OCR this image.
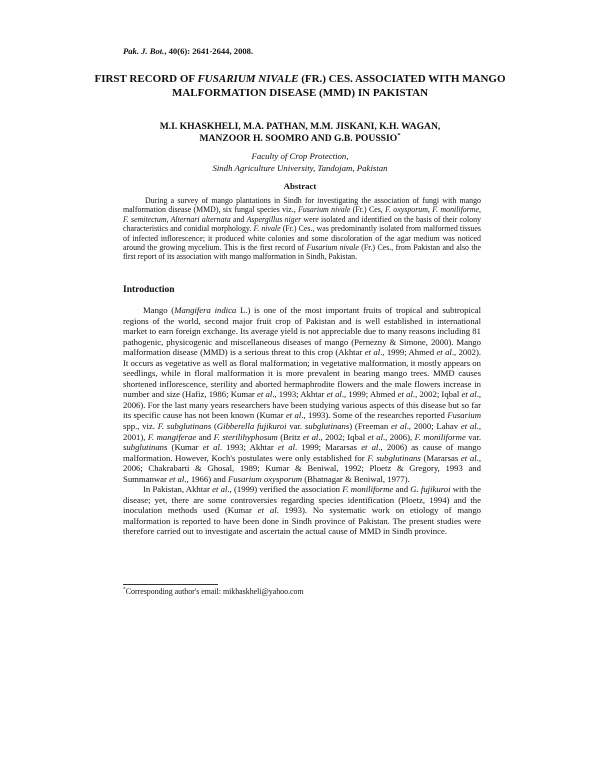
Pak. J. Bot., 40(6): 2641-2644, 2008.
FIRST RECORD OF FUSARIUM NIVALE (FR.) CES. ASSOCIATED WITH MANGO MALFORMATION DISEASE (MMD) IN PAKISTAN
M.I. KHASKHELI, M.A. PATHAN, M.M. JISKANI, K.H. WAGAN,
MANZOOR H. SOOMRO AND G.B. POUSSIO*
Faculty of Crop Protection,
Sindh Agriculture University, Tandojam, Pakistan
Abstract

During a survey of mango plantations in Sindh for investigating the association of fungi with mango malformation disease (MMD), six fungal species viz., Fusarium nivale (Fr.) Ces, F. oxysporum, F. moniliforme, F. semitectum, Alternari alternata and Aspergillus niger were isolated and identified on the basis of their colony characteristics and conidial morphology. F. nivale (Fr.) Ces., was predominantly isolated from malformed tissues of infected inflorescence; it produced white colonies and some discoloration of the agar medium was noticed around the growing mycelium. This is the first record of Fusarium nivale (Fr.) Ces., from Pakistan and also the first report of its association with mango malformation in Sindh, Pakistan.

Introduction

Mango (Mangifera indica L.) is one of the most important fruits of tropical and subtropical regions of the world, second major fruit crop of Pakistan and is well established in international market to earn foreign exchange. Its average yield is not appreciable due to many reasons including 81 pathogenic, physicogenic and miscellaneous diseases of mango (Pernezny & Simone, 2000). Mango malformation disease (MMD) is a serious threat to this crop (Akhtar et al., 1999; Ahmed et al., 2002). It occurs as vegetative as well as floral malformation; in vegetative malformation, it mostly appears on seedlings, while in floral malformation it is more prevalent in bearing mango trees. MMD causes shortened inflorescence, sterility and aborted hermaphrodite flowers and the male flowers increase in number and size (Hafiz, 1986; Kumar et al., 1993; Akhtar et al., 1999; Ahmed et al., 2002; Iqbal et al., 2006). For the last many years researchers have been studying various aspects of this disease but so far its specific cause has not been known (Kumar et al., 1993). Some of the researches reported Fusarium spp., viz. F. subglutinans (Gibberella fujikuroi var. subglutinans) (Freeman et al., 2000; Lahav et al., 2001), F. mangiferae and F. sterilihyphosum (Britz et al., 2002; Iqbal et al., 2006), F. moniliforme var. subglutinans (Kumar et al. 1993; Akhtar et al. 1999; Mararsas et al., 2006) as cause of mango malformation. However, Koch's postulates were only established for F. subglutinans (Mararsas et al., 2006; Chakrabarti & Ghosal, 1989; Kumar & Beniwal, 1992; Ploetz & Gregory, 1993 and Summanwar et al., 1966) and Fusarium oxysporum (Bhatnagar & Beniwal, 1977).

In Pakistan, Akhtar et al., (1999) verified the association F. moniliforme and G. fujikuroi with the disease; yet, there are some controversies regarding species identification (Ploetz, 1994) and the inoculation methods used (Kumar et al. 1993). No systematic work on etiology of mango malformation is reported to have been done in Sindh province of Pakistan. The present studies were therefore carried out to investigate and ascertain the actual cause of MMD in Sindh province.

*Corresponding author's email: mikhaskheli@yahoo.com
